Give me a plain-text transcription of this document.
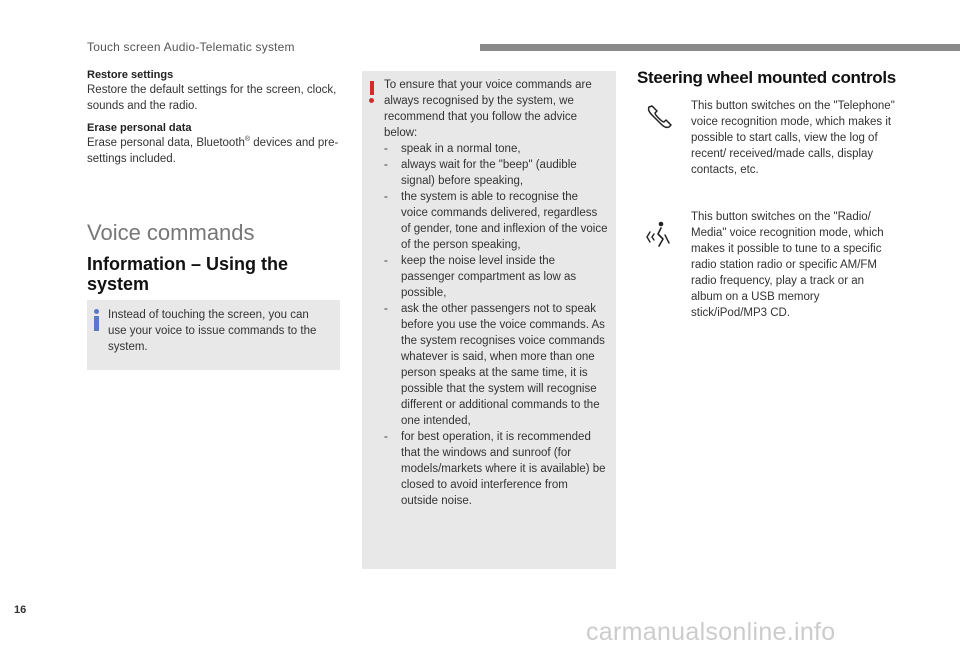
Touch screen Audio-Telematic system
Restore settings
Restore the default settings for the screen, clock, sounds and the radio.
Erase personal data
Erase personal data, Bluetooth® devices and pre-settings included.
Voice commands
Information – Using the system
Instead of touching the screen, you can use your voice to issue commands to the system.
To ensure that your voice commands are always recognised by the system, we recommend that you follow the advice below:
- speak in a normal tone,
- always wait for the "beep" (audible signal) before speaking,
- the system is able to recognise the voice commands delivered, regardless of gender, tone and inflexion of the voice of the person speaking,
- keep the noise level inside the passenger compartment as low as possible,
- ask the other passengers not to speak before you use the voice commands. As the system recognises voice commands whatever is said, when more than one person speaks at the same time, it is possible that the system will recognise different or additional commands to the one intended,
- for best operation, it is recommended that the windows and sunroof (for models/markets where it is available) be closed to avoid interference from outside noise.
Steering wheel mounted controls
This button switches on the "Telephone" voice recognition mode, which makes it possible to start calls, view the log of recent/ received/made calls, display contacts, etc.
This button switches on the "Radio/ Media" voice recognition mode, which makes it possible to tune to a specific radio station radio or specific AM/FM radio frequency, play a track or an album on a USB memory stick/iPod/MP3 CD.
16
carmanualsonline.info
